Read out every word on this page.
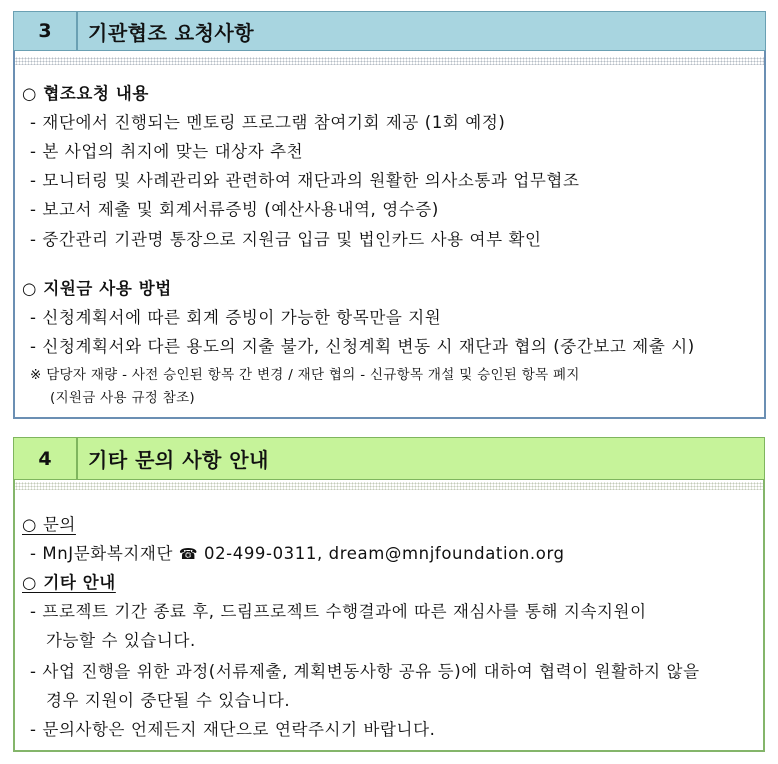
3	기관협조 요청사항
○ 협조요청 내용
- 재단에서 진행되는 멘토링 프로그램 참여기회 제공 (1회 예정)
- 본 사업의 취지에 맞는 대상자 추천
- 모니터링 및 사례관리와 관련하여 재단과의 원활한 의사소통과 업무협조
- 보고서 제출 및 회계서류증빙 (예산사용내역, 영수증)
- 중간관리 기관명 통장으로 지원금 입금 및 법인카드 사용 여부 확인
○ 지원금 사용 방법
- 신청계획서에 따른 회계 증빙이 가능한 항목만을 지원
- 신청계획서와 다른 용도의 지출 불가, 신청계획 변동 시 재단과 협의 (중간보고 제출 시)
※ 담당자 재량 - 사전 승인된 항목 간 변경 / 재단 협의 - 신규항목 개설 및 승인된 항목 폐지
(지원금 사용 규정 참조)
4	기타 문의 사항 안내
○ 문의
- MnJ문화복지재단 ☎ 02-499-0311, dream@mnjfoundation.org
○ 기타 안내
- 프로젝트 기간 종료 후, 드림프로젝트 수행결과에 따른 재심사를 통해 지속지원이
가능할 수 있습니다.
- 사업 진행을 위한 과정(서류제출, 계획변동사항 공유 등)에 대하여 협력이 원활하지 않을
경우 지원이 중단될 수 있습니다.
- 문의사항은 언제든지 재단으로 연락주시기 바랍니다.
